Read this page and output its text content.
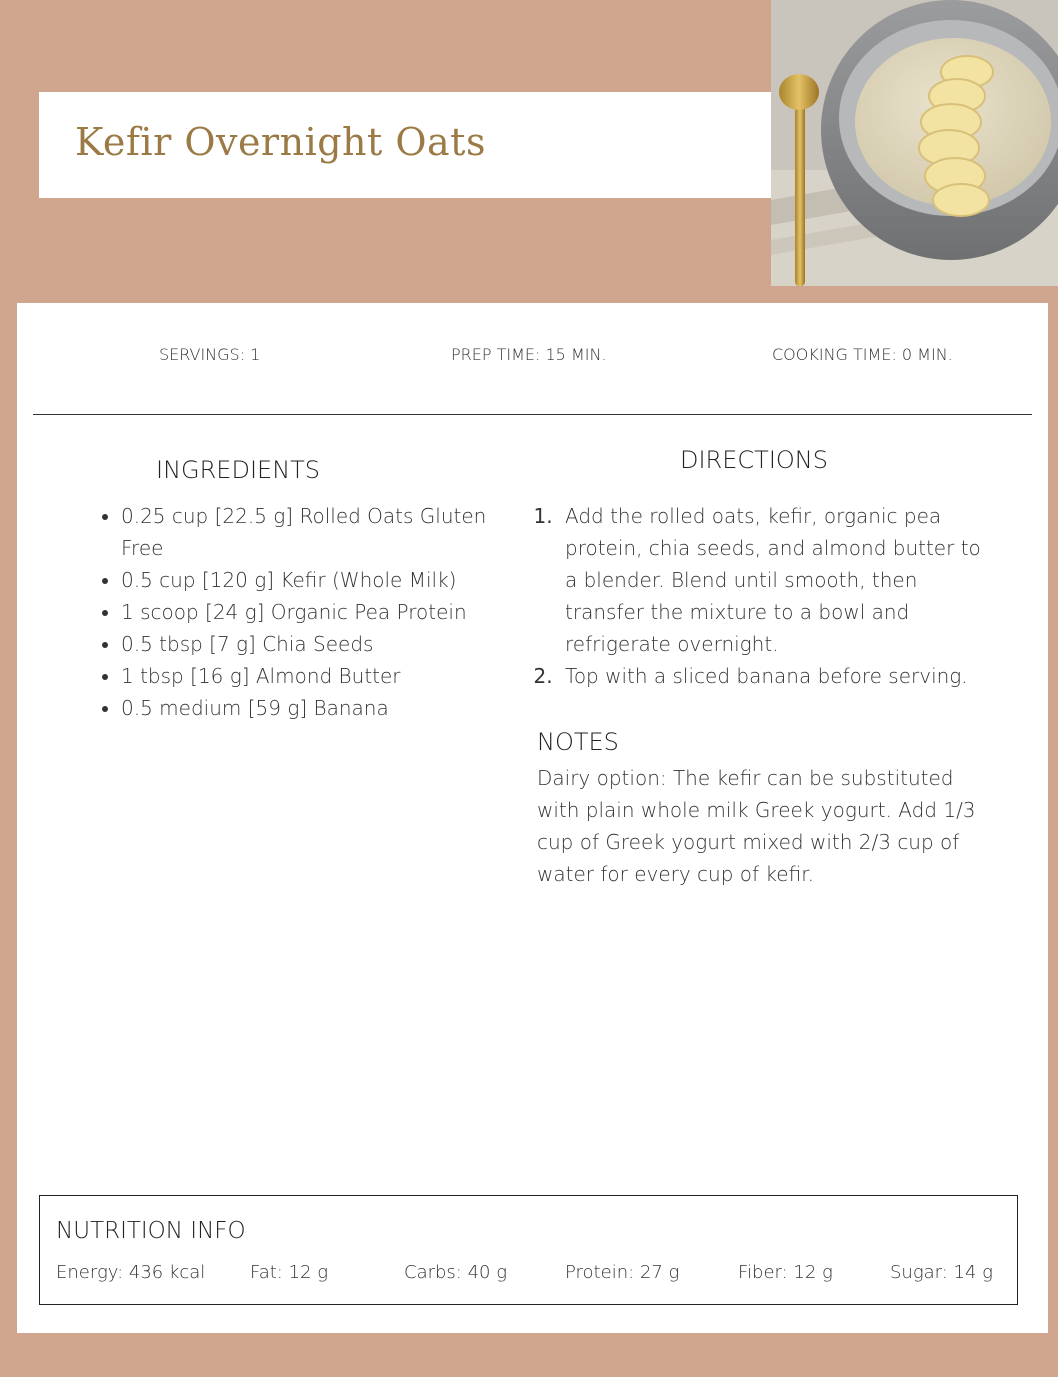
Kefir Overnight Oats
SERVINGS: 1	PREP TIME: 15 MIN.	COOKING TIME: 0 MIN.
INGREDIENTS
• 0.25 cup [22.5 g] Rolled Oats Gluten Free
• 0.5 cup [120 g] Kefir (Whole Milk)
• 1 scoop [24 g] Organic Pea Protein
• 0.5 tbsp [7 g] Chia Seeds
• 1 tbsp [16 g] Almond Butter
• 0.5 medium [59 g] Banana
DIRECTIONS
1. Add the rolled oats, kefir, organic pea protein, chia seeds, and almond butter to a blender. Blend until smooth, then transfer the mixture to a bowl and refrigerate overnight.
2. Top with a sliced banana before serving.
NOTES

Dairy option: The kefir can be substituted with plain whole milk Greek yogurt. Add 1/3 cup of Greek yogurt mixed with 2/3 cup of water for every cup of kefir.

NUTRITION INFO
Energy: 436 kcal Fat: 12 g	Carbs: 40 g	Protein: 27 g	Fiber: 12 g	Sugar: 14 g
